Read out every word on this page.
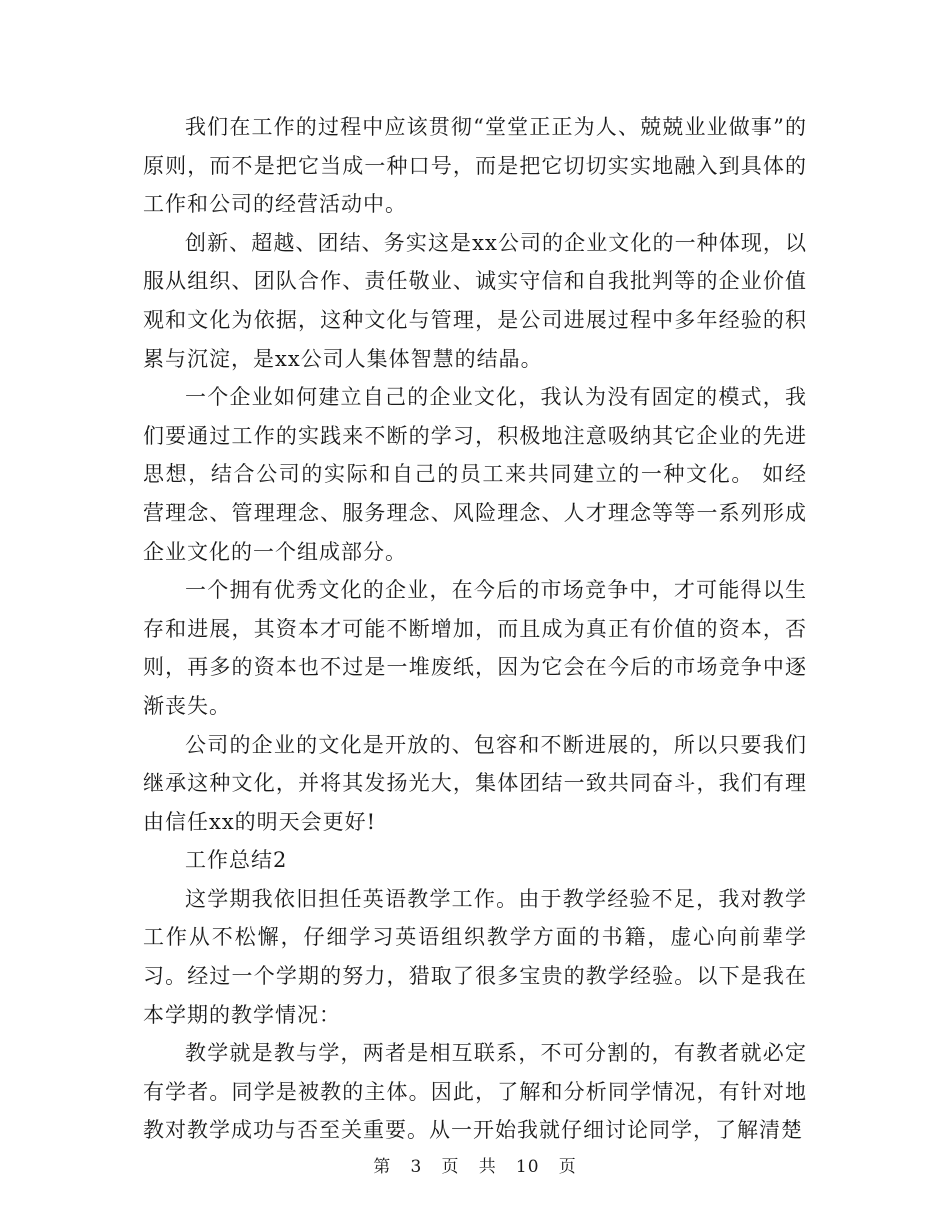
我们在工作的过程中应该贯彻“堂堂正正为人、兢兢业业做事”的原则，而不是把它当成一种口号，而是把它切切实实地融入到具体的工作和公司的经营活动中。

创新、超越、团结、务实这是xx公司的企业文化的一种体现，以服从组织、团队合作、责任敬业、诚实守信和自我批判等的企业价值观和文化为依据，这种文化与管理，是公司进展过程中多年经验的积累与沉淀，是xx公司人集体智慧的结晶。

一个企业如何建立自己的企业文化，我认为没有固定的模式，我们要通过工作的实践来不断的学习，积极地注意吸纳其它企业的先进思想，结合公司的实际和自己的员工来共同建立的一种文化。 如经营理念、管理理念、服务理念、风险理念、人才理念等等一系列形成企业文化的一个组成部分。

一个拥有优秀文化的企业，在今后的市场竞争中，才可能得以生存和进展，其资本才可能不断增加，而且成为真正有价值的资本，否则，再多的资本也不过是一堆废纸，因为它会在今后的市场竞争中逐渐丧失。

公司的企业的文化是开放的、包容和不断进展的，所以只要我们继承这种文化，并将其发扬光大，集体团结一致共同奋斗，我们有理由信任xx的明天会更好!

工作总结2

这学期我依旧担任英语教学工作。由于教学经验不足，我对教学工作从不松懈，仔细学习英语组织教学方面的书籍，虚心向前辈学习。经过一个学期的努力，猎取了很多宝贵的教学经验。以下是我在本学期的教学情况：

教学就是教与学，两者是相互联系，不可分割的，有教者就必定有学者。同学是被教的主体。因此，了解和分析同学情况，有针对地教对教学成功与否至关重要。从一开始我就仔细讨论同学，了解清楚

第 3 页 共 10 页
